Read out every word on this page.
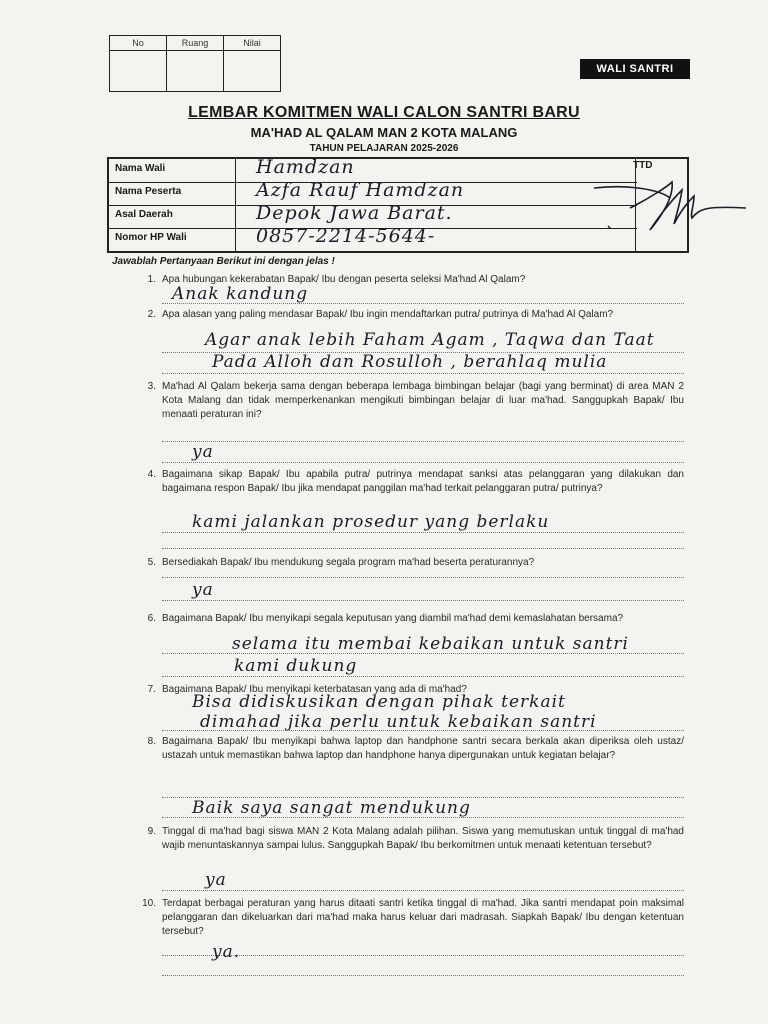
No	Ruang	Nilai

WALI SANTRI
LEMBAR KOMITMEN WALI CALON SANTRI BARU
MA'HAD AL QALAM MAN 2 KOTA MALANG
TAHUN PELAJARAN 2025-2026
Nama Wali	Hamdzan
Nama Peserta	Azfa Rauf Hamdzan
Asal Daerah	Depok Jawa Barat.
Nomor HP Wali	0857-2214-5644-
TTD
Jawablah Pertanyaan Berikut ini dengan jelas !
1. Apa hubungan kekerabatan Bapak/ Ibu dengan peserta seleksi Ma'had Al Qalam?
Anak kandung
2. Apa alasan yang paling mendasar Bapak/ Ibu ingin mendaftarkan putra/ putrinya di Ma'had Al Qalam?
Agar anak lebih Faham Agam , Taqwa dan Taat
Pada Alloh dan Rosulloh , berahlaq mulia
3. Ma'had Al Qalam bekerja sama dengan beberapa lembaga bimbingan belajar (bagi yang berminat) di area MAN 2 Kota Malang dan tidak memperkenankan mengikuti bimbingan belajar di luar ma'had. Sanggupkah Bapak/ Ibu menaati peraturan ini?
ya
4. Bagaimana sikap Bapak/ Ibu apabila putra/ putrinya mendapat sanksi atas pelanggaran yang dilakukan dan bagaimana respon Bapak/ Ibu jika mendapat panggilan ma'had terkait pelanggaran putra/ putrinya?
kami jalankan prosedur yang berlaku
5. Bersediakah Bapak/ Ibu mendukung segala program ma'had beserta peraturannya?
ya
6. Bagaimana Bapak/ Ibu menyikapi segala keputusan yang diambil ma'had demi kemaslahatan bersama?
selama itu membai kebaikan untuk santri
kami dukung
7. Bagaimana Bapak/ Ibu menyikapi keterbatasan yang ada di ma'had?
Bisa didiskusikan dengan pihak terkait
dimahad jika perlu untuk kebaikan santri
8. Bagaimana Bapak/ Ibu menyikapi bahwa laptop dan handphone santri secara berkala akan diperiksa oleh ustaz/ ustazah untuk memastikan bahwa laptop dan handphone hanya dipergunakan untuk kegiatan belajar?
Baik saya sangat mendukung
9. Tinggal di ma'had bagi siswa MAN 2 Kota Malang adalah pilihan. Siswa yang memutuskan untuk tinggal di ma'had wajib menuntaskannya sampai lulus. Sanggupkah Bapak/ Ibu berkomitmen untuk menaati ketentuan tersebut?
ya
10. Terdapat berbagai peraturan yang harus ditaati santri ketika tinggal di ma'had. Jika santri mendapat poin maksimal pelanggaran dan dikeluarkan dari ma'had maka harus keluar dari madrasah. Siapkah Bapak/ Ibu dengan ketentuan tersebut?
ya.
